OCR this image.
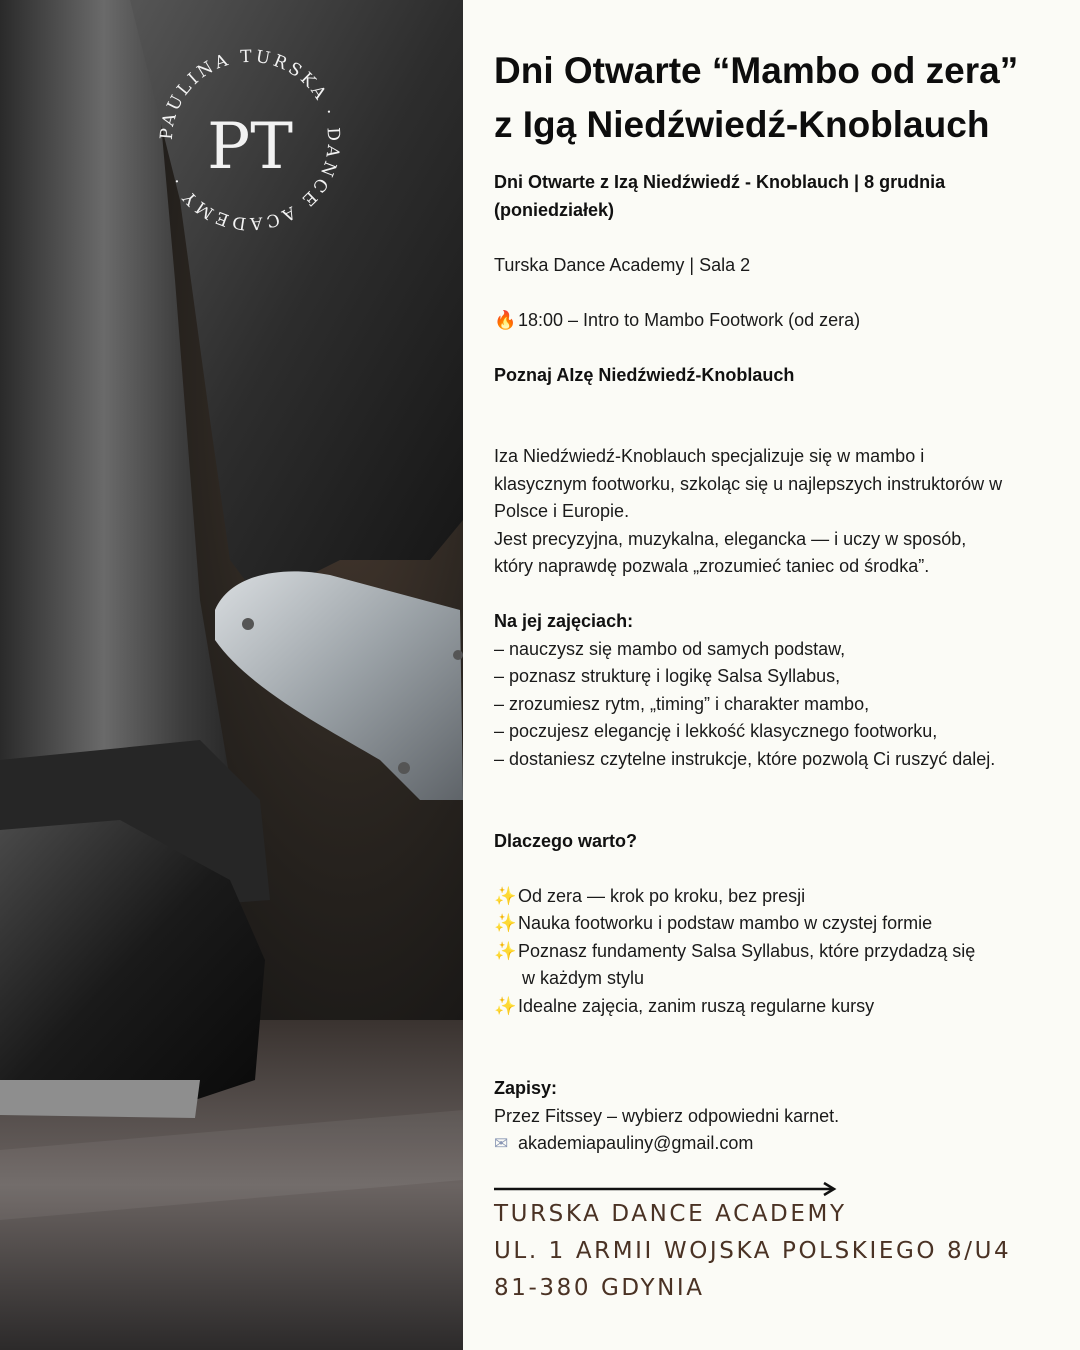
PAULINA TURSKA · DANCE ACADEMY · PT
Dni Otwarte “Mambo od zera”
z Igą Niedźwiedź-Knoblauch
Dni Otwarte z Izą Niedźwiedź - Knoblauch | 8 grudnia
(poniedziałek)
Turska Dance Academy | Sala 2
🔥18:00 – Intro to Mambo Footwork (od zera)
Poznaj AIzę Niedźwiedź-Knoblauch
Iza Niedźwiedź-Knoblauch specjalizuje się w mambo i
klasycznym footworku, szkoląc się u najlepszych instruktorów w
Polsce i Europie.
Jest precyzyjna, muzykalna, elegancka — i uczy w sposób,
który naprawdę pozwala „zrozumieć taniec od środka”.
Na jej zajęciach:
– nauczysz się mambo od samych podstaw,
– poznasz strukturę i logikę Salsa Syllabus,
– zrozumiesz rytm, „timing” i charakter mambo,
– poczujesz elegancję i lekkość klasycznego footworku,
– dostaniesz czytelne instrukcje, które pozwolą Ci ruszyć dalej.
Dlaczego warto?
✨Od zera — krok po kroku, bez presji
✨Nauka footworku i podstaw mambo w czystej formie
✨Poznasz fundamenty Salsa Syllabus, które przydadzą się
w każdym stylu
✨Idealne zajęcia, zanim ruszą regularne kursy
Zapisy:
Przez Fitssey – wybierz odpowiedni karnet.
✉ akademiapauliny@gmail.com
TURSKA DANCE ACADEMY
UL. 1 ARMII WOJSKA POLSKIEGO 8/U4
81-380 GDYNIA
